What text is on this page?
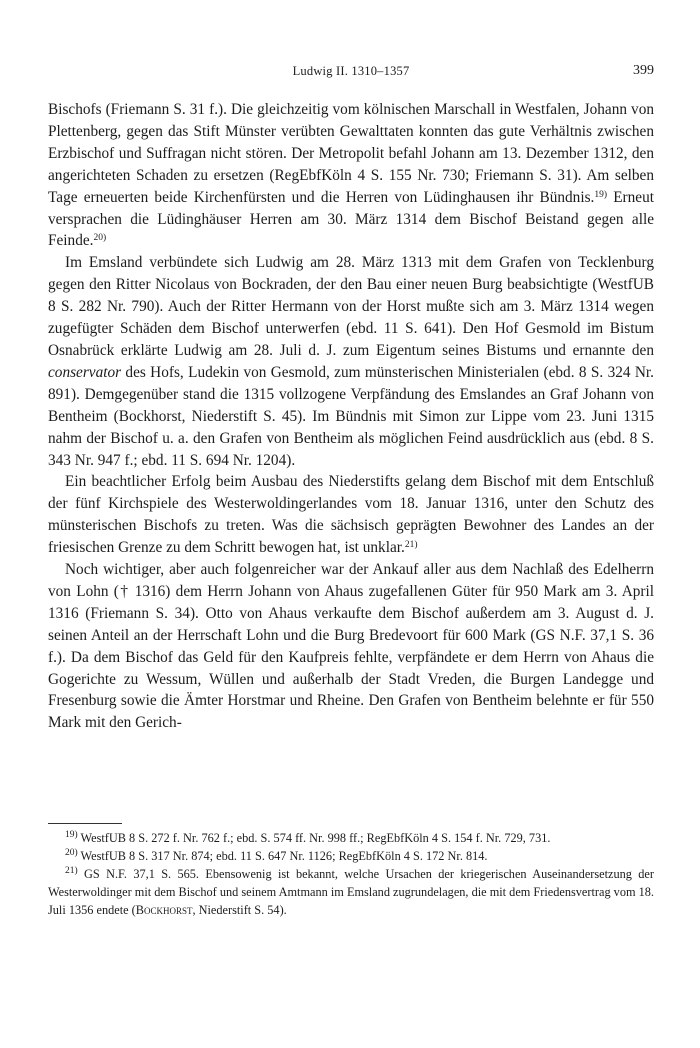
Ludwig II. 1310–1357	399

Bischofs (Friemann S. 31 f.). Die gleichzeitig vom kölnischen Marschall in Westfalen, Johann von Plettenberg, gegen das Stift Münster verübten Gewalttaten konnten das gute Verhältnis zwischen Erzbischof und Suffragan nicht stören. Der Metropolit befahl Johann am 13. Dezember 1312, den angerichteten Schaden zu ersetzen (RegEbfKöln 4 S. 155 Nr. 730; Friemann S. 31). Am selben Tage erneuerten beide Kirchenfürsten und die Herren von Lüdinghausen ihr Bündnis.$^{19)}$ Erneut versprachen die Lüdinghäuser Herren am 30. März 1314 dem Bischof Beistand gegen alle Feinde.$^{20)}$

Im Emsland verbündete sich Ludwig am 28. März 1313 mit dem Grafen von Tecklenburg gegen den Ritter Nicolaus von Bockraden, der den Bau einer neuen Burg beabsichtigte (WestfUB 8 S. 282 Nr. 790). Auch der Ritter Hermann von der Horst mußte sich am 3. März 1314 wegen zugefügter Schäden dem Bischof unterwerfen (ebd. 11 S. 641). Den Hof Gesmold im Bistum Osnabrück erklärte Ludwig am 28. Juli d. J. zum Eigentum seines Bistums und ernannte den conservator des Hofs, Ludekin von Gesmold, zum münsterischen Ministerialen (ebd. 8 S. 324 Nr. 891). Demgegenüber stand die 1315 vollzogene Verpfändung des Emslandes an Graf Johann von Bentheim (Bockhorst, Niederstift S. 45). Im Bündnis mit Simon zur Lippe vom 23. Juni 1315 nahm der Bischof u. a. den Grafen von Bentheim als möglichen Feind ausdrücklich aus (ebd. 8 S. 343 Nr. 947 f.; ebd. 11 S. 694 Nr. 1204).

Ein beachtlicher Erfolg beim Ausbau des Niederstifts gelang dem Bischof mit dem Entschluß der fünf Kirchspiele des Westerwoldingerlandes vom 18. Januar 1316, unter den Schutz des münsterischen Bischofs zu treten. Was die sächsisch geprägten Bewohner des Landes an der friesischen Grenze zu dem Schritt bewogen hat, ist unklar.$^{21)}$

Noch wichtiger, aber auch folgenreicher war der Ankauf aller aus dem Nachlaß des Edelherrn von Lohn († 1316) dem Herrn Johann von Ahaus zugefallenen Güter für 950 Mark am 3. April 1316 (Friemann S. 34). Otto von Ahaus verkaufte dem Bischof außerdem am 3. August d. J. seinen Anteil an der Herrschaft Lohn und die Burg Bredevoort für 600 Mark (GS N.F. 37,1 S. 36 f.). Da dem Bischof das Geld für den Kaufpreis fehlte, verpfändete er dem Herrn von Ahaus die Gogerichte zu Wessum, Wüllen und außerhalb der Stadt Vreden, die Burgen Landegge und Fresenburg sowie die Ämter Horstmar und Rheine. Den Grafen von Bentheim belehnte er für 550 Mark mit den Gerich-

$^{19)}$ WestfUB 8 S. 272 f. Nr. 762 f.; ebd. S. 574 ff. Nr. 998 ff.; RegEbfKöln 4 S. 154 f. Nr. 729, 731.

$^{20)}$ WestfUB 8 S. 317 Nr. 874; ebd. 11 S. 647 Nr. 1126; RegEbfKöln 4 S. 172 Nr. 814.

$^{21)}$ GS N.F. 37,1 S. 565. Ebensowenig ist bekannt, welche Ursachen der kriegerischen Auseinandersetzung der Westerwoldinger mit dem Bischof und seinem Amtmann im Emsland zugrundelagen, die mit dem Friedensvertrag vom 18. Juli 1356 endete (Bockhorst, Niederstift S. 54).
